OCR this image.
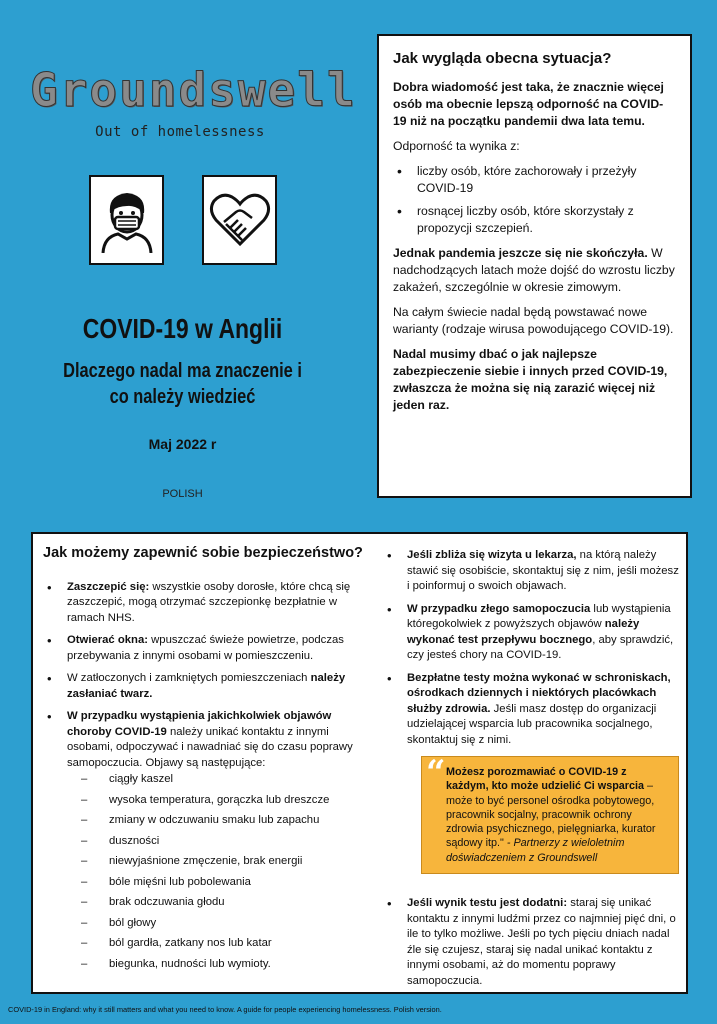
Groundswell
Out of homelessness
COVID-19 w Anglii
Dlaczego nadal ma znaczenie i
co należy wiedzieć
Maj 2022 r
POLISH
Jak wygląda obecna sytuacja?

Dobra wiadomość jest taka, że znacznie więcej osób ma obecnie lepszą odporność na COVID-19 niż na początku pandemii dwa lata temu.

Odporność ta wynika z:

• liczby osób, które zachorowały i przeżyły COVID-19
• rosnącej liczby osób, które skorzystały z propozycji szczepień.

Jednak pandemia jeszcze się nie skończyła. W nadchodzących latach może dojść do wzrostu liczby zakażeń, szczególnie w okresie zimowym.

Na całym świecie nadal będą powstawać nowe warianty (rodzaje wirusa powodującego COVID-19).

Nadal musimy dbać o jak najlepsze zabezpieczenie siebie i innych przed COVID-19, zwłaszcza że można się nią zarazić więcej niż jeden raz.

Jak możemy zapewnić sobie bezpieczeństwo?
• Zaszczepić się: wszystkie osoby dorosłe, które chcą się zaszczepić, mogą otrzymać szczepionkę bezpłatnie w ramach NHS.
• Otwierać okna: wpuszczać świeże powietrze, podczas przebywania z innymi osobami w pomieszczeniu.
• W zatłoczonych i zamkniętych pomieszczeniach należy zasłaniać twarz.
• W przypadku wystąpienia jakichkolwiek objawów choroby COVID-19 należy unikać kontaktu z innymi osobami, odpoczywać i nawadniać się do czasu poprawy samopoczucia. Objawy są następujące:
– ciągły kaszel
– wysoka temperatura, gorączka lub dreszcze
– zmiany w odczuwaniu smaku lub zapachu
– duszności
– niewyjaśnione zmęczenie, brak energii
– bóle mięśni lub pobolewania
– brak odczuwania głodu
– ból głowy
– ból gardła, zatkany nos lub katar
– biegunka, nudności lub wymioty.
• Jeśli zbliża się wizyta u lekarza, na którą należy stawić się osobiście, skontaktuj się z nim, jeśli możesz i poinformuj o swoich objawach.
• W przypadku złego samopoczucia lub wystąpienia któregokolwiek z powyższych objawów należy wykonać test przepływu bocznego, aby sprawdzić, czy jesteś chory na COVID-19.
• Bezpłatne testy można wykonać w schroniskach, ośrodkach dziennych i niektórych placówkach służby zdrowia. Jeśli masz dostęp do organizacji udzielającej wsparcia lub pracownika socjalnego, skontaktuj się z nimi.
“ Możesz porozmawiać o COVID-19 z każdym, kto może udzielić Ci wsparcia – może to być personel ośrodka pobytowego, pracownik socjalny, pracownik ochrony zdrowia psychicznego, pielęgniarka, kurator sądowy itp." - Partnerzy z wieloletnim doświadczeniem z Groundswell
• Jeśli wynik testu jest dodatni: staraj się unikać kontaktu z innymi ludźmi przez co najmniej pięć dni, o ile to tylko możliwe. Jeśli po tych pięciu dniach nadal źle się czujesz, staraj się nadal unikać kontaktu z innymi osobami, aż do momentu poprawy samopoczucia.
COVID-19 in England: why it still matters and what you need to know. A guide for people experiencing homelessness. Polish version.
